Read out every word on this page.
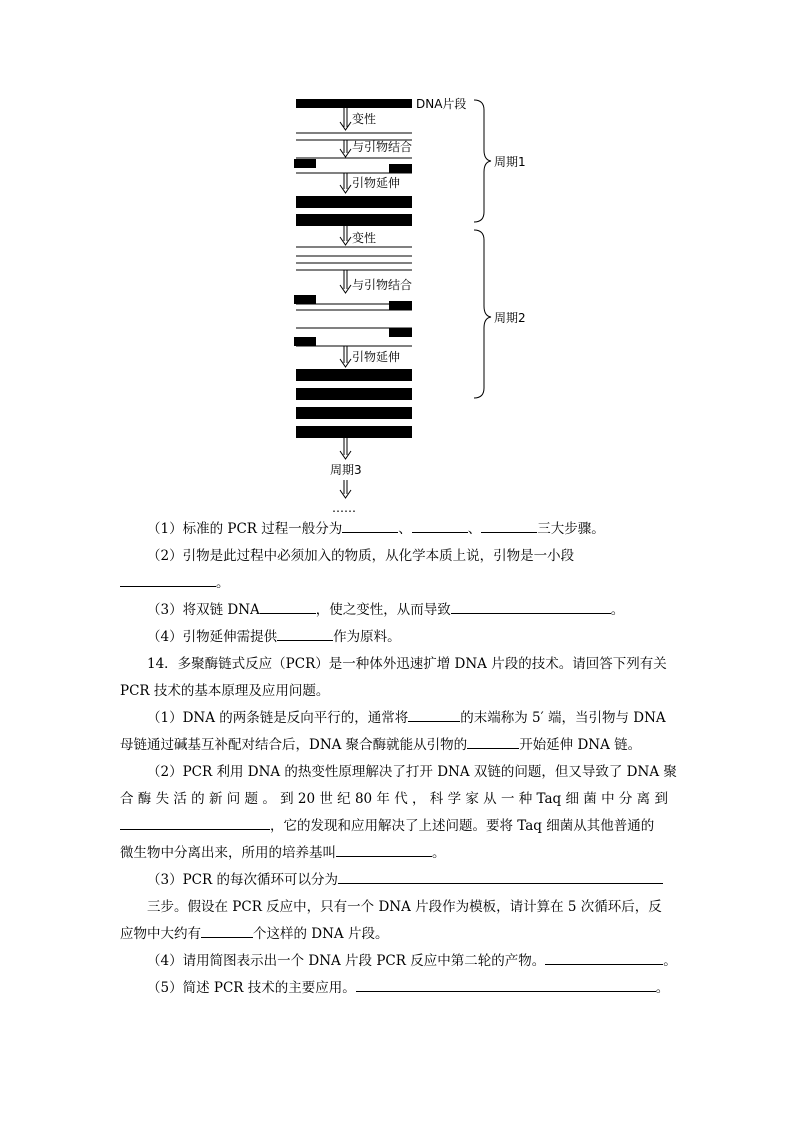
DNA片段
变性
与引物结合
引物延伸
周期1
变性
与引物结合
引物延伸
周期2
周期3
……

（1）标准的 PCR 过程一般分为	、	、	三大步骤。

（2）引物是此过程中必须加入的物质，从化学本质上说，引物是一小段

。

（3）将双链 DNA	，使之变性，从而导致	。

（4）引物延伸需提供	作为原料。

14．多聚酶链式反应（PCR）是一种体外迅速扩增 DNA 片段的技术。请回答下列有关

PCR 技术的基本原理及应用问题。

（1）DNA 的两条链是反向平行的，通常将	的末端称为 5′ 端，当引物与 DNA

母链通过碱基互补配对结合后，DNA 聚合酶就能从引物的	开始延伸 DNA 链。

（2）PCR 利用 DNA 的热变性原理解决了打开 DNA 双链的问题，但又导致了 DNA 聚

合 酶 失 活 的 新 问 题 。 到 20 世 纪 80 年 代 ， 科 学 家 从 一 种 Taq 细 菌 中 分 离 到

，它的发现和应用解决了上述问题。要将 Taq 细菌从其他普通的

微生物中分离出来，所用的培养基叫	。

（3）PCR 的每次循环可以分为

三步。假设在 PCR 反应中，只有一个 DNA 片段作为模板，请计算在 5 次循环后，反

应物中大约有	个这样的 DNA 片段。

（4）请用简图表示出一个 DNA 片段 PCR 反应中第二轮的产物。	。

（5）简述 PCR 技术的主要应用。	。
